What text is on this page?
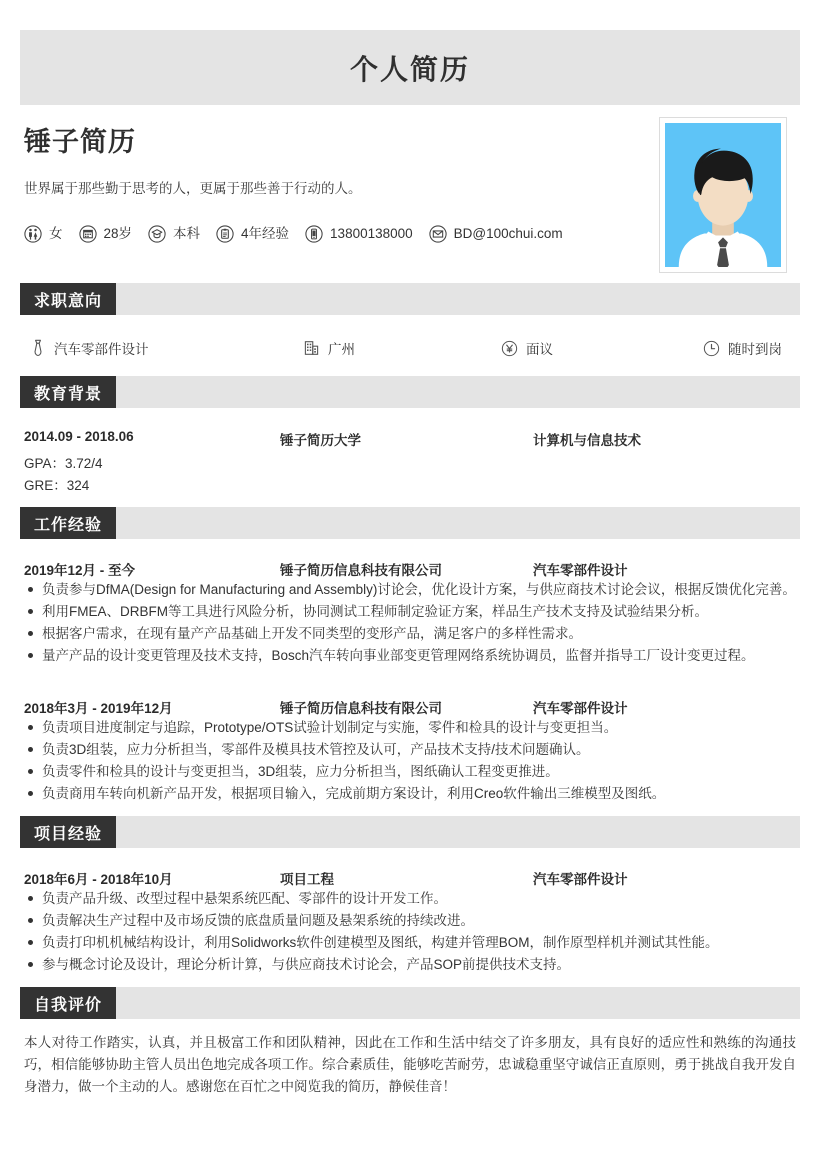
个人简历
锤子简历
世界属于那些勤于思考的人，更属于那些善于行动的人。
女	28岁	本科	4年经验	13800138000	BD@100chui.com
求职意向
汽车零部件设计	广州	面议	随时到岗
教育背景
2014.09 - 2018.06	锤子简历大学	计算机与信息技术
GPA：3.72/4
GRE：324
工作经验
2019年12月 - 至今	锤子简历信息科技有限公司	汽车零部件设计
负责参与DfMA(Design for Manufacturing and Assembly)讨论会，优化设计方案，与供应商技术讨论会议，根据反馈优化完善。
利用FMEA、DRBFM等工具进行风险分析，协同测试工程师制定验证方案，样品生产技术支持及试验结果分析。
根据客户需求，在现有量产产品基础上开发不同类型的变形产品，满足客户的多样性需求。
量产产品的设计变更管理及技术支持，Bosch汽车转向事业部变更管理网络系统协调员，监督并指导工厂设计变更过程。
2018年3月 - 2019年12月	锤子简历信息科技有限公司	汽车零部件设计
负责项目进度制定与追踪，Prototype/OTS试验计划制定与实施，零件和检具的设计与变更担当。
负责3D组装，应力分析担当，零部件及模具技术管控及认可，产品技术支持/技术问题确认。
负责零件和检具的设计与变更担当，3D组装，应力分析担当，图纸确认工程变更推进。
负责商用车转向机新产品开发，根据项目输入，完成前期方案设计，利用Creo软件输出三维模型及图纸。
项目经验
2018年6月 - 2018年10月	项目工程	汽车零部件设计
负责产品升级、改型过程中悬架系统匹配、零部件的设计开发工作。
负责解决生产过程中及市场反馈的底盘质量问题及悬架系统的持续改进。
负责打印机机械结构设计，利用Solidworks软件创建模型及图纸，构建并管理BOM，制作原型样机并测试其性能。
参与概念讨论及设计，理论分析计算，与供应商技术讨论会，产品SOP前提供技术支持。
自我评价
本人对待工作踏实，认真，并且极富工作和团队精神，因此在工作和生活中结交了许多朋友，具有良好的适应性和熟练的沟通技巧，相信能够协助主管人员出色地完成各项工作。综合素质佳，能够吃苦耐劳，忠诚稳重坚守诚信正直原则，勇于挑战自我开发自身潜力，做一个主动的人。感谢您在百忙之中阅览我的简历，静候佳音！
